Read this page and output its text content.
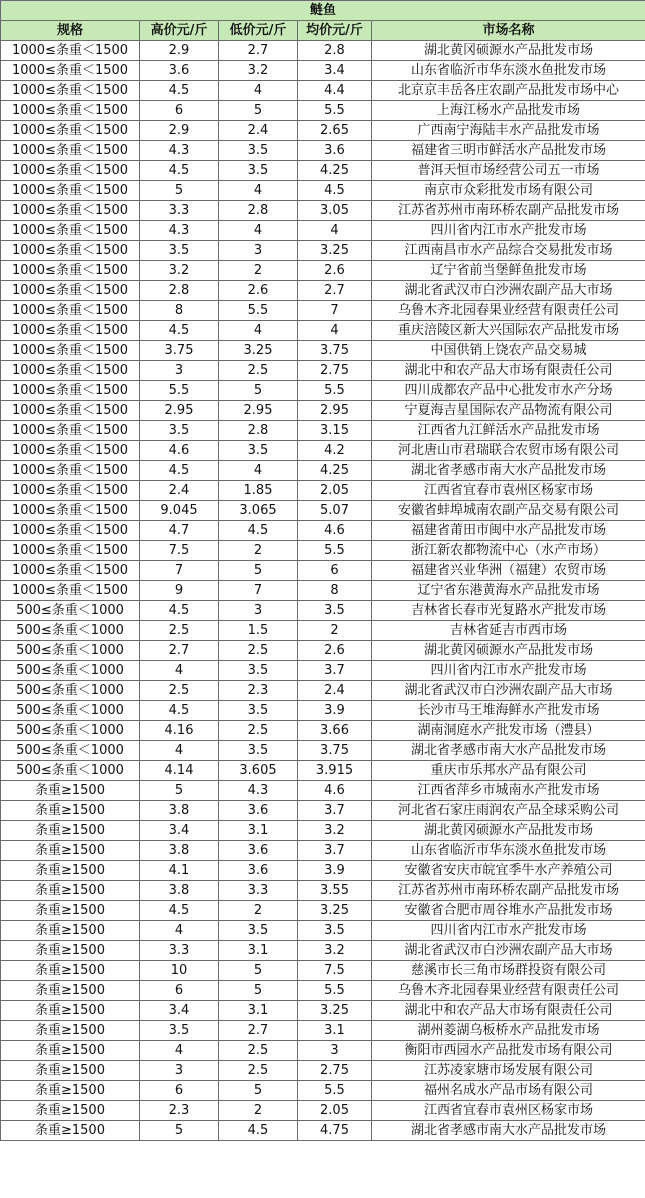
鲢鱼				
规格	高价元/斤	低价元/斤	均价元/斤	市场名称
1000≤条重＜1500	2.9	2.7	2.8	湖北黄冈硕源水产品批发市场
1000≤条重＜1500	3.6	3.2	3.4	山东省临沂市华东淡水鱼批发市场
1000≤条重＜1500	4.5	4	4.4	北京京丰岳各庄农副产品批发市场中心
1000≤条重＜1500	6	5	5.5	上海江杨水产品批发市场
1000≤条重＜1500	2.9	2.4	2.65	广西南宁海陆丰水产品批发市场
1000≤条重＜1500	4.3	3.5	3.6	福建省三明市鲜活水产品批发市场
1000≤条重＜1500	4.5	3.5	4.25	普洱天恒市场经营公司五一市场
1000≤条重＜1500	5	4	4.5	南京市众彩批发市场有限公司
1000≤条重＜1500	3.3	2.8	3.05	江苏省苏州市南环桥农副产品批发市场
1000≤条重＜1500	4.3	4	4	四川省内江市水产批发市场
1000≤条重＜1500	3.5	3	3.25	江西南昌市水产品综合交易批发市场
1000≤条重＜1500	3.2	2	2.6	辽宁省前当堡鲜鱼批发市场
1000≤条重＜1500	2.8	2.6	2.7	湖北省武汉市白沙洲农副产品大市场
1000≤条重＜1500	8	5.5	7	乌鲁木齐北园春果业经营有限责任公司
1000≤条重＜1500	4.5	4	4	重庆涪陵区新大兴国际农产品批发市场
1000≤条重＜1500	3.75	3.25	3.75	中国供销上饶农产品交易城
1000≤条重＜1500	3	2.5	2.75	湖北中和农产品大市场有限责任公司
1000≤条重＜1500	5.5	5	5.5	四川成都农产品中心批发市水产分场
1000≤条重＜1500	2.95	2.95	2.95	宁夏海吉星国际农产品物流有限公司
1000≤条重＜1500	3.5	2.8	3.15	江西省九江鲜活水产品批发市场
1000≤条重＜1500	4.6	3.5	4.2	河北唐山市君瑞联合农贸市场有限公司
1000≤条重＜1500	4.5	4	4.25	湖北省孝感市南大水产品批发市场
1000≤条重＜1500	2.4	1.85	2.05	江西省宜春市袁州区杨家市场
1000≤条重＜1500	9.045	3.065	5.07	安徽省蚌埠城南农副产品交易有限公司
1000≤条重＜1500	4.7	4.5	4.6	福建省莆田市闽中水产品批发市场
1000≤条重＜1500	7.5	2	5.5	浙江新农都物流中心（水产市场）
1000≤条重＜1500	7	5	6	福建省兴业华洲（福建）农贸市场
1000≤条重＜1500	9	7	8	辽宁省东港黄海水产品批发市场
500≤条重＜1000	4.5	3	3.5	吉林省长春市光复路水产批发市场
500≤条重＜1000	2.5	1.5	2	吉林省延吉市西市场
500≤条重＜1000	2.7	2.5	2.6	湖北黄冈硕源水产品批发市场
500≤条重＜1000	4	3.5	3.7	四川省内江市水产批发市场
500≤条重＜1000	2.5	2.3	2.4	湖北省武汉市白沙洲农副产品大市场
500≤条重＜1000	4.5	3.5	3.9	长沙市马王堆海鲜水产批发市场
500≤条重＜1000	4.16	2.5	3.66	湖南洞庭水产批发市场（澧县）
500≤条重＜1000	4	3.5	3.75	湖北省孝感市南大水产品批发市场
500≤条重＜1000	4.14	3.605	3.915	重庆市乐邦水产品有限公司
条重≥1500	5	4.3	4.6	江西省萍乡市城南水产批发市场
条重≥1500	3.8	3.6	3.7	河北省石家庄雨润农产品全球采购公司
条重≥1500	3.4	3.1	3.2	湖北黄冈硕源水产品批发市场
条重≥1500	3.8	3.6	3.7	山东省临沂市华东淡水鱼批发市场
条重≥1500	4.1	3.6	3.9	安徽省安庆市皖宜季牛水产养殖公司
条重≥1500	3.8	3.3	3.55	江苏省苏州市南环桥农副产品批发市场
条重≥1500	4.5	2	3.25	安徽省合肥市周谷堆水产品批发市场
条重≥1500	4	3.5	3.5	四川省内江市水产批发市场
条重≥1500	3.3	3.1	3.2	湖北省武汉市白沙洲农副产品大市场
条重≥1500	10	5	7.5	慈溪市长三角市场群投资有限公司
条重≥1500	6	5	5.5	乌鲁木齐北园春果业经营有限责任公司
条重≥1500	3.4	3.1	3.25	湖北中和农产品大市场有限责任公司
条重≥1500	3.5	2.7	3.1	湖州菱湖乌板桥水产品批发市场
条重≥1500	4	2.5	3	衡阳市西园水产品批发市场有限公司
条重≥1500	3	2.5	2.75	江苏凌家塘市场发展有限公司
条重≥1500	6	5	5.5	福州名成水产品市场有限公司
条重≥1500	2.3	2	2.05	江西省宜春市袁州区杨家市场
条重≥1500	5	4.5	4.75	湖北省孝感市南大水产品批发市场
